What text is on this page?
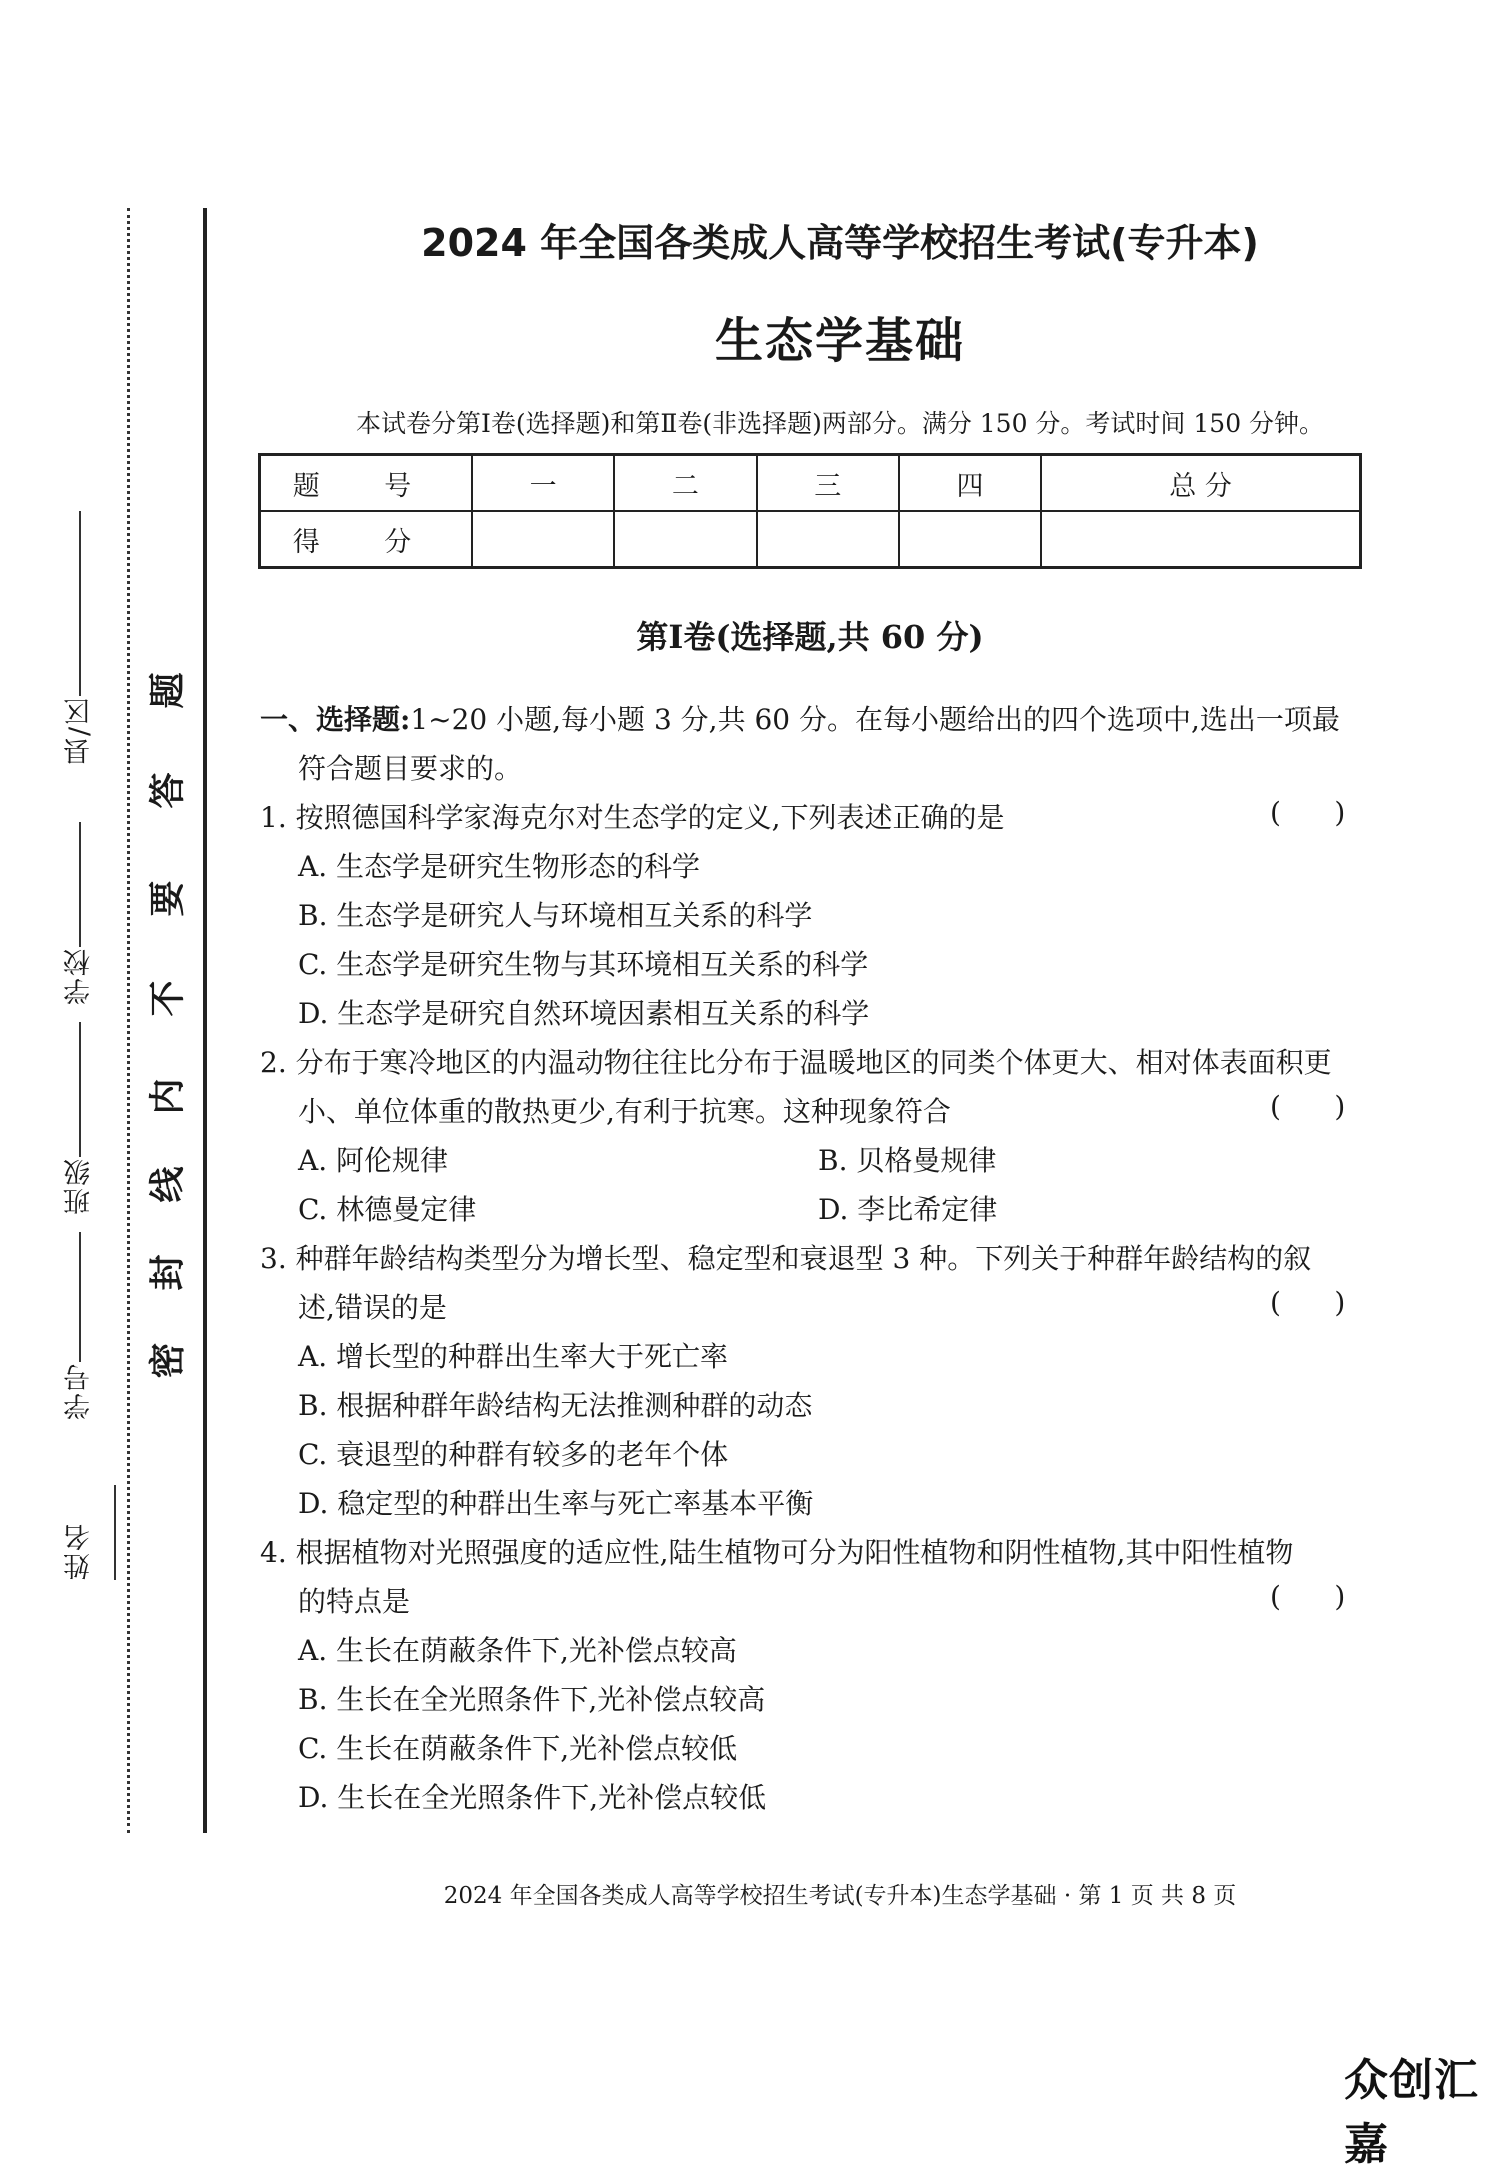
姓名
学号
班级
学校
县/区
密
封
线
内
不
要
答
题
2024 年全国各类成人高等学校招生考试(专升本)
生态学基础
本试卷分第Ⅰ卷(选择题)和第Ⅱ卷(非选择题)两部分。满分 150 分。考试时间 150 分钟。
题 号	一	二	三	四	总 分
得 分					
第Ⅰ卷(选择题,共 60 分)
一、选择题:1~20 小题,每小题 3 分,共 60 分。在每小题给出的四个选项中,选出一项最
符合题目要求的。
1. 按照德国科学家海克尔对生态学的定义,下列表述正确的是	(      )
A. 生态学是研究生物形态的科学
B. 生态学是研究人与环境相互关系的科学
C. 生态学是研究生物与其环境相互关系的科学
D. 生态学是研究自然环境因素相互关系的科学
2. 分布于寒冷地区的内温动物往往比分布于温暖地区的同类个体更大、相对体表面积更
小、单位体重的散热更少,有利于抗寒。这种现象符合	(      )
A. 阿伦规律	B. 贝格曼规律
C. 林德曼定律	D. 李比希定律
3. 种群年龄结构类型分为增长型、稳定型和衰退型 3 种。下列关于种群年龄结构的叙
述,错误的是	(      )
A. 增长型的种群出生率大于死亡率
B. 根据种群年龄结构无法推测种群的动态
C. 衰退型的种群有较多的老年个体
D. 稳定型的种群出生率与死亡率基本平衡
4. 根据植物对光照强度的适应性,陆生植物可分为阳性植物和阴性植物,其中阳性植物
的特点是	(      )
A. 生长在荫蔽条件下,光补偿点较高
B. 生长在全光照条件下,光补偿点较高
C. 生长在荫蔽条件下,光补偿点较低
D. 生长在全光照条件下,光补偿点较低
2024 年全国各类成人高等学校招生考试(专升本)生态学基础 · 第 1 页 共 8 页
众创汇嘉
